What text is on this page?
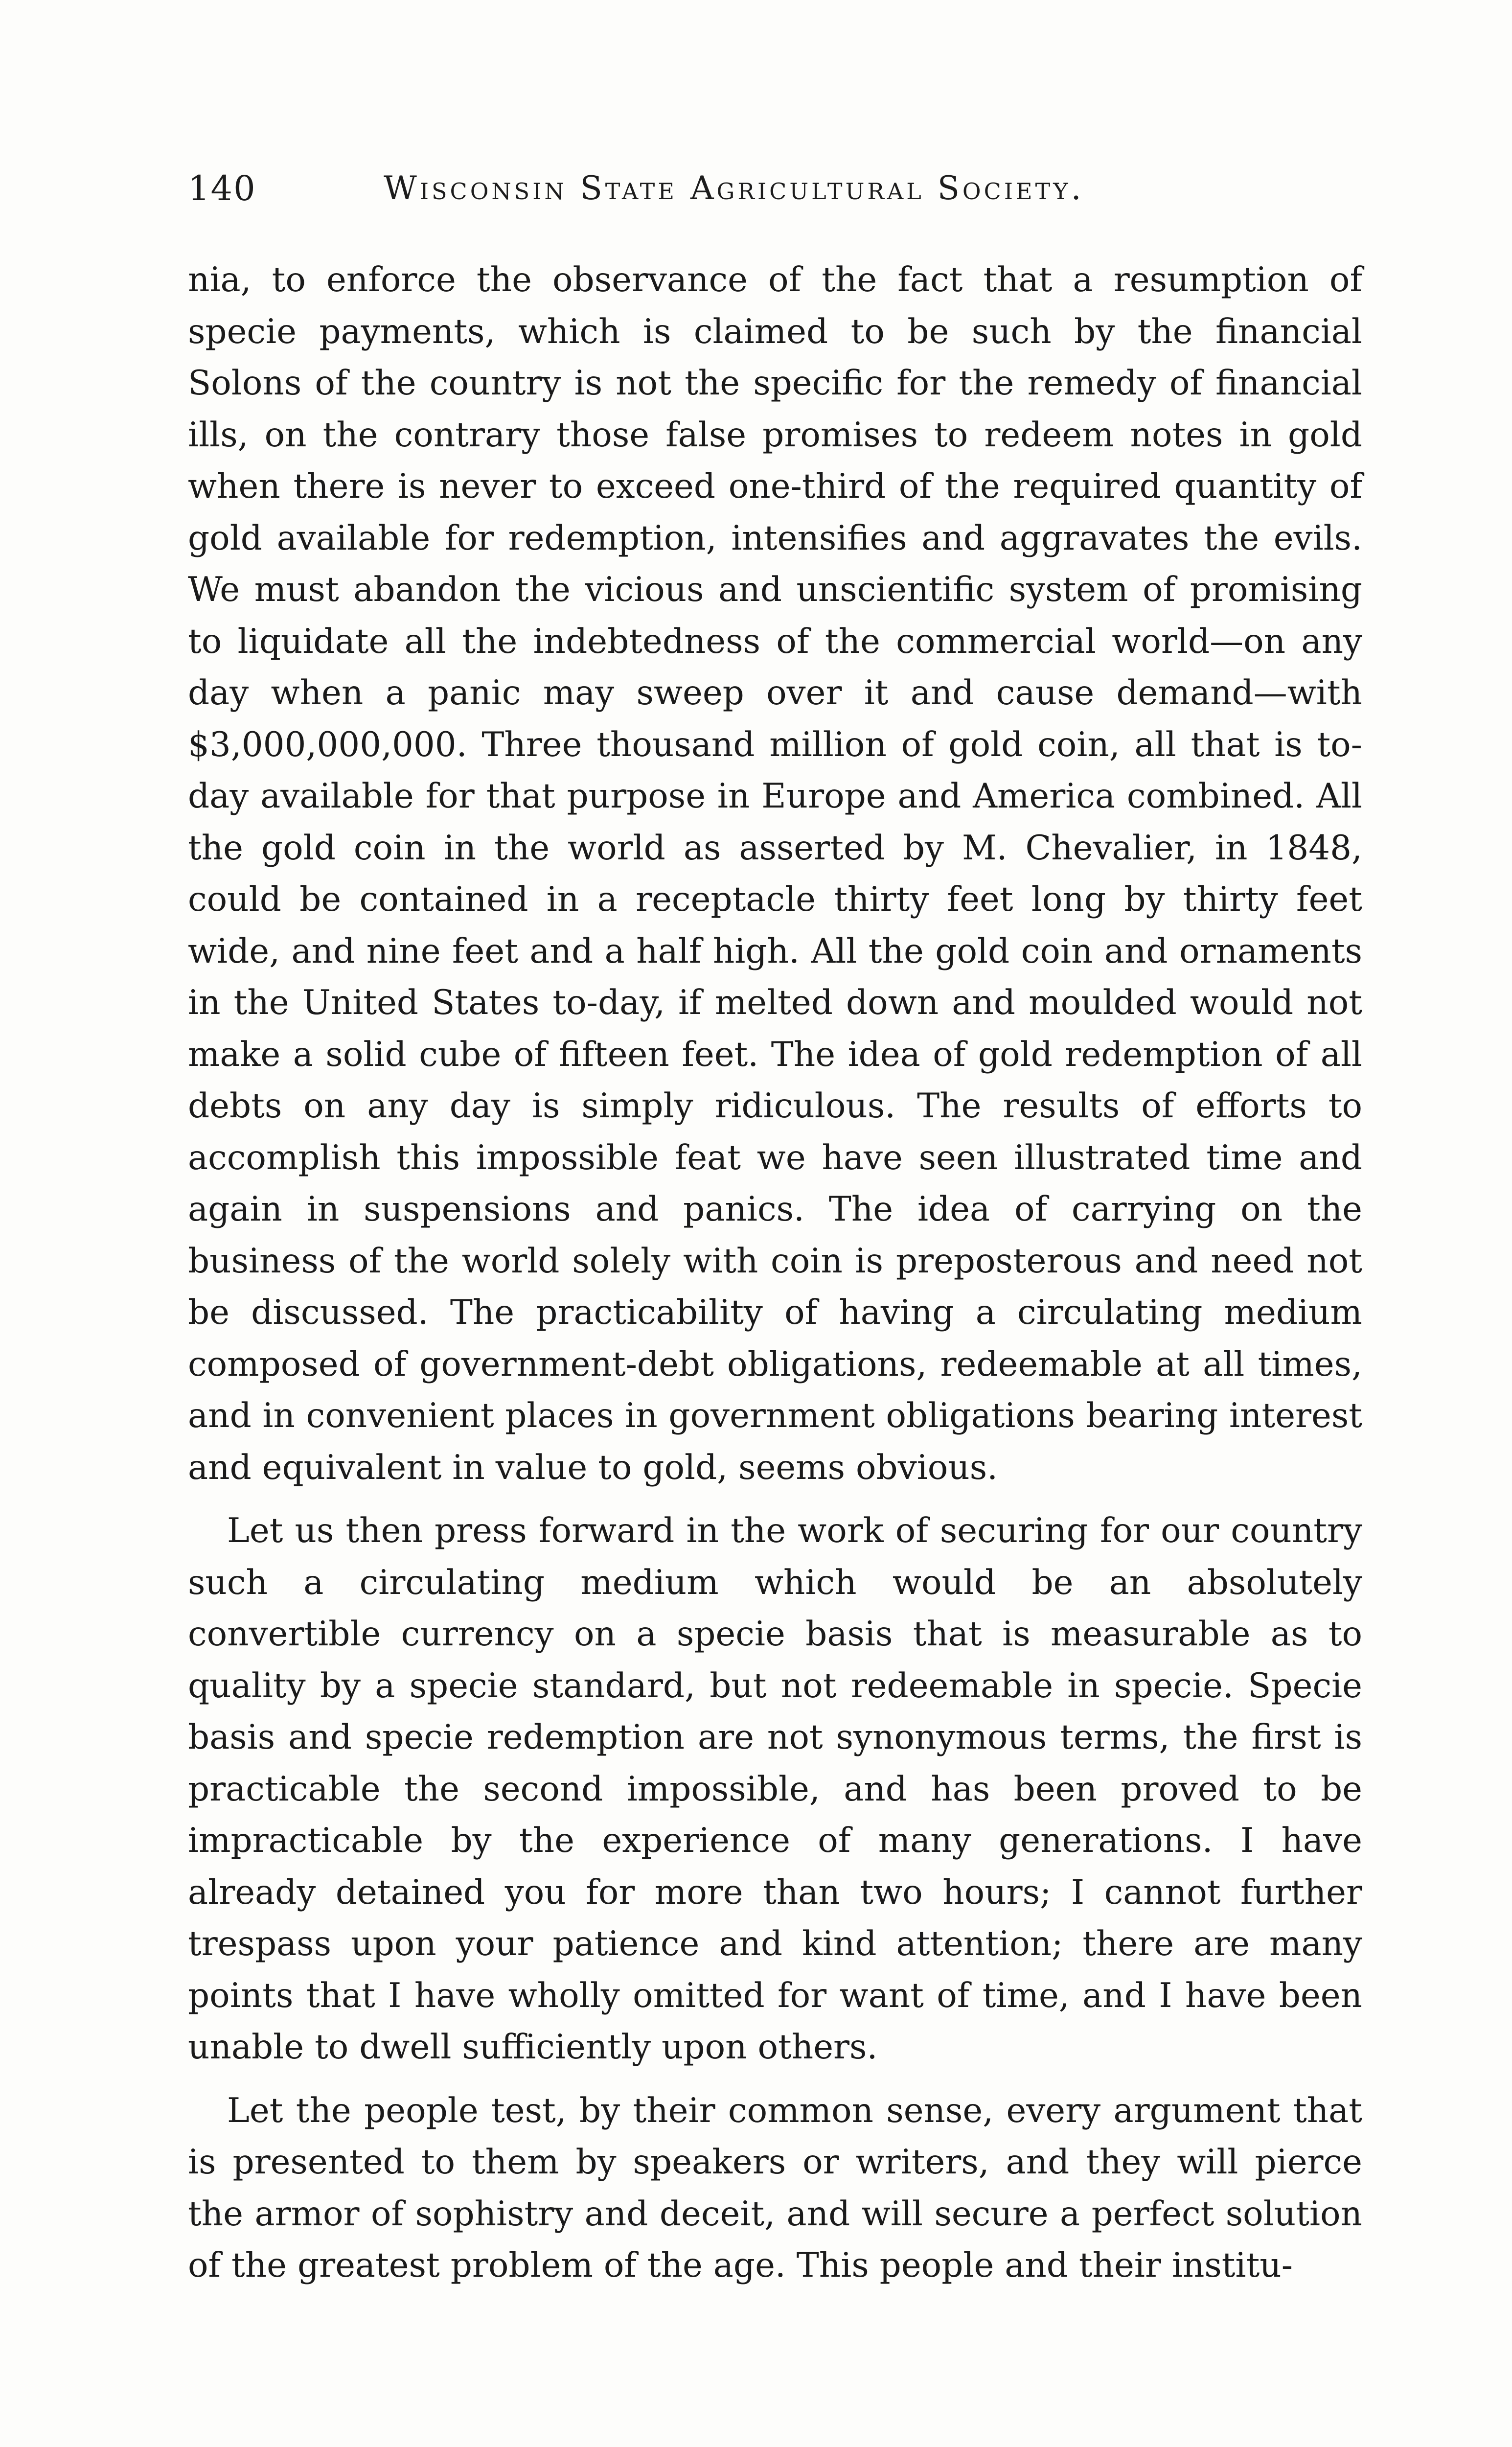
140	Wisconsin State Agricultural Society.

nia, to enforce the observance of the fact that a resumption of specie payments, which is claimed to be such by the financial Solons of the country is not the specific for the remedy of financial ills, on the contrary those false promises to redeem notes in gold when there is never to exceed one-third of the required quantity of gold available for redemption, intensifies and aggravates the evils. We must abandon the vicious and unscientific system of promising to liquidate all the indebtedness of the commercial world—on any day when a panic may sweep over it and cause demand—with $3,000,000,000. Three thousand million of gold coin, all that is to-day available for that purpose in Europe and America combined. All the gold coin in the world as asserted by M. Chevalier, in 1848, could be contained in a receptacle thirty feet long by thirty feet wide, and nine feet and a half high. All the gold coin and ornaments in the United States to-day, if melted down and moulded would not make a solid cube of fifteen feet. The idea of gold redemption of all debts on any day is simply ridiculous. The results of efforts to accomplish this impossible feat we have seen illustrated time and again in suspensions and panics. The idea of carrying on the business of the world solely with coin is preposterous and need not be discussed. The practicability of having a circulating medium composed of government-debt obligations, redeemable at all times, and in convenient places in government obligations bearing interest and equivalent in value to gold, seems obvious.

Let us then press forward in the work of securing for our country such a circulating medium which would be an absolutely convertible currency on a specie basis that is measurable as to quality by a specie standard, but not redeemable in specie. Specie basis and specie redemption are not synonymous terms, the first is practicable the second impossible, and has been proved to be impracticable by the experience of many generations. I have already detained you for more than two hours; I cannot further trespass upon your patience and kind attention; there are many points that I have wholly omitted for want of time, and I have been unable to dwell sufficiently upon others.

Let the people test, by their common sense, every argument that is presented to them by speakers or writers, and they will pierce the armor of sophistry and deceit, and will secure a perfect solution of the greatest problem of the age. This people and their institu-
